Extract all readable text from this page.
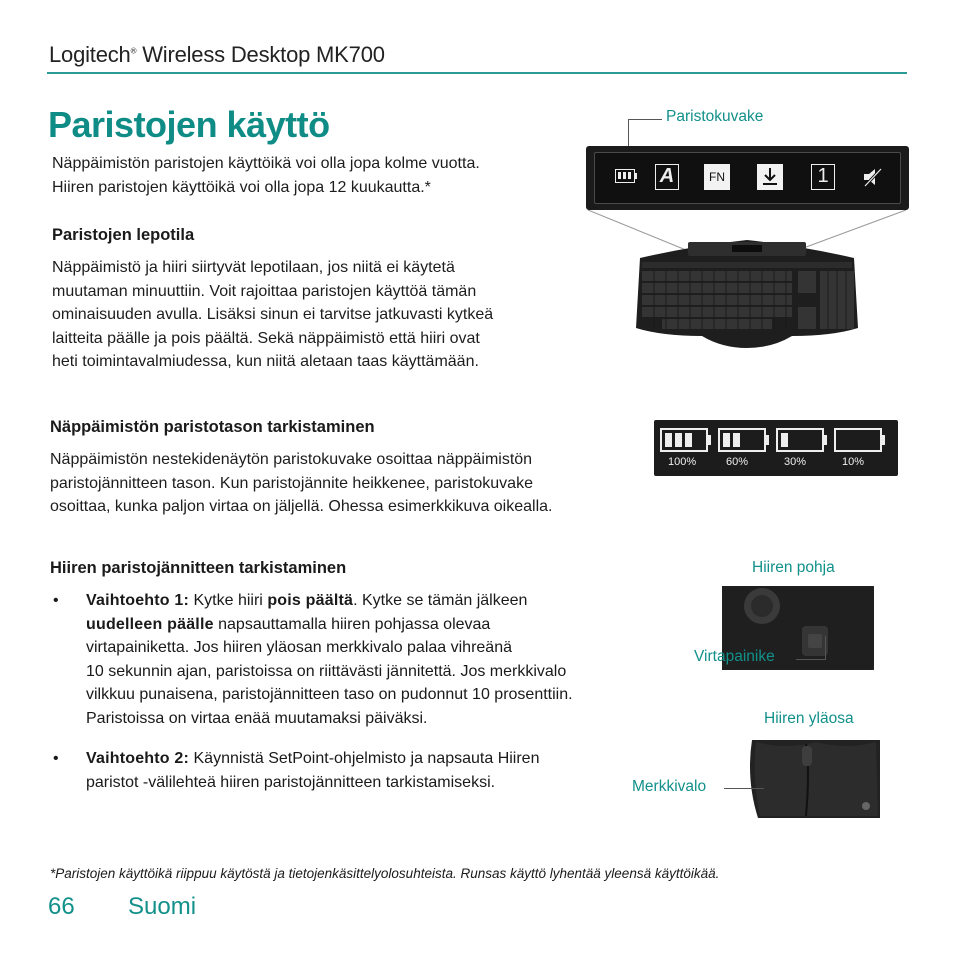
Logitech® Wireless Desktop MK700
Paristojen käyttö
Näppäimistön paristojen käyttöikä voi olla jopa kolme vuotta.
Hiiren paristojen käyttöikä voi olla jopa 12 kuukautta.*
Paristokuvake
A	FN	1
Paristojen lepotila
Näppäimistö ja hiiri siirtyvät lepotilaan, jos niitä ei käytetä
muutaman minuuttiin. Voit rajoittaa paristojen käyttöä tämän
ominaisuuden avulla. Lisäksi sinun ei tarvitse jatkuvasti kytkeä
laitteita päälle ja pois päältä. Sekä näppäimistö että hiiri ovat
heti toimintavalmiudessa, kun niitä aletaan taas käyttämään.
Näppäimistön paristotason tarkistaminen
Näppäimistön nestekidenäytön paristokuvake osoittaa näppäimistön
paristojännitteen tason. Kun paristojännite heikkenee, paristokuvake
osoittaa, kunka paljon virtaa on jäljellä. Ohessa esimerkkikuva oikealla.
100%	60%	30%	10%
Hiiren paristojännitteen tarkistaminen
• Vaihtoehto 1: Kytke hiiri pois päältä. Kytke se tämän jälkeen
uudelleen päälle napsauttamalla hiiren pohjassa olevaa
virtapainiketta. Jos hiiren yläosan merkkivalo palaa vihreänä
10 sekunnin ajan, paristoissa on riittävästi jännitettä. Jos merkkivalo
vilkkuu punaisena, paristojännitteen taso on pudonnut 10 prosenttiin.
Paristoissa on virtaa enää muutamaksi päiväksi.
• Vaihtoehto 2: Käynnistä SetPoint-ohjelmisto ja napsauta Hiiren
paristot -välilehteä hiiren paristojännitteen tarkistamiseksi.
Hiiren pohja
Virtapainike
Hiiren yläosa
Merkkivalo
*Paristojen käyttöikä riippuu käytöstä ja tietojenkäsittelyolosuhteista. Runsas käyttö lyhentää yleensä käyttöikää.
66 Suomi
